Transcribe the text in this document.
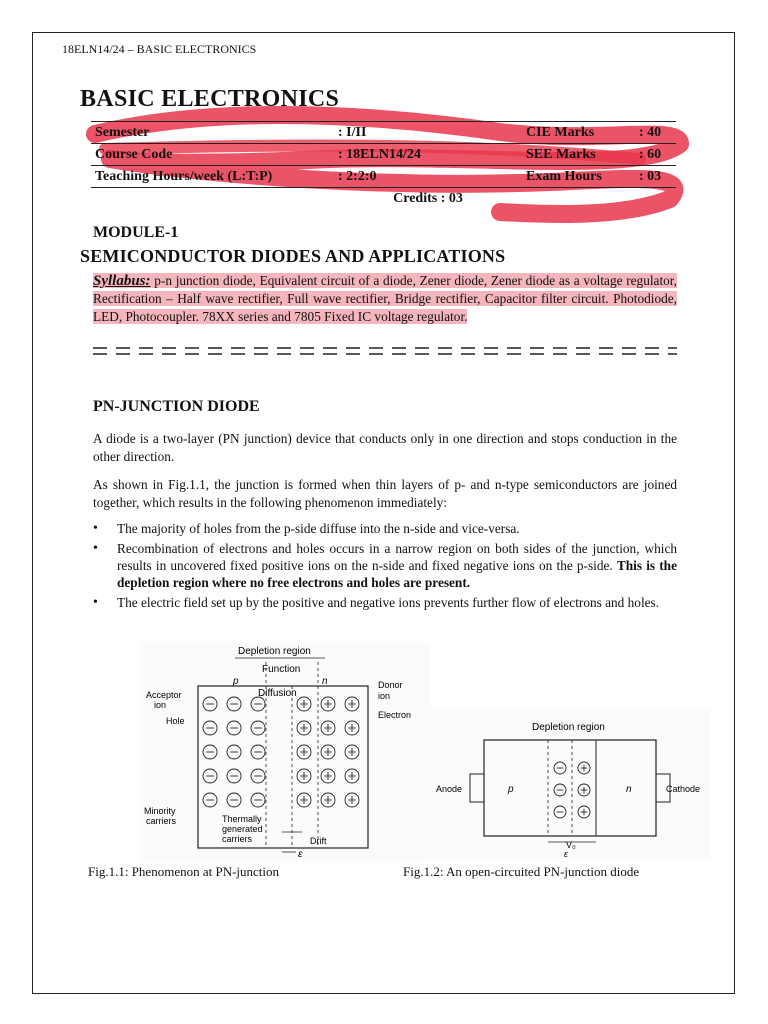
18ELN14/24 – BASIC ELECTRONICS
BASIC ELECTRONICS
Semester	: I/II	CIE Marks	: 40
Course Code	: 18ELN14/24	SEE Marks	: 60
Teaching Hours/week (L:T:P)	: 2:2:0	Exam Hours	: 03
	Credits : 03		
MODULE-1
SEMICONDUCTOR DIODES AND APPLICATIONS
Syllabus: p-n junction diode, Equivalent circuit of a diode, Zener diode, Zener diode as a voltage regulator, Rectification – Half wave rectifier, Full wave rectifier, Bridge rectifier, Capacitor filter circuit. Photodiode, LED, Photocoupler. 78XX series and 7805 Fixed IC voltage regulator.
PN-JUNCTION DIODE
A diode is a two-layer (PN junction) device that conducts only in one direction and stops conduction in the other direction.
As shown in Fig.1.1, the junction is formed when thin layers of p- and n-type semiconductors are joined together, which results in the following phenomenon immediately:
• The majority of holes from the p-side diffuse into the n-side and vice-versa.
• Recombination of electrons and holes occurs in a narrow region on both sides of the junction, which results in uncovered fixed positive ions on the n-side and fixed negative ions on the p-side. This is the depletion region where no free electrons and holes are present.
• The electric field set up by the positive and negative ions prevents further flow of electrons and holes.
Depletion region
Function
p	n
Diffusion
Acceptor
ion
Hole
Donor
ion
Electron
Minority
carriers	Thermally
generated
carriers	Drift
ε
Fig.1.1: Phenomenon at PN-junction
Depletion region
Anode	p	n	Cathode
V₀
ε
Fig.1.2: An open-circuited PN-junction diode
